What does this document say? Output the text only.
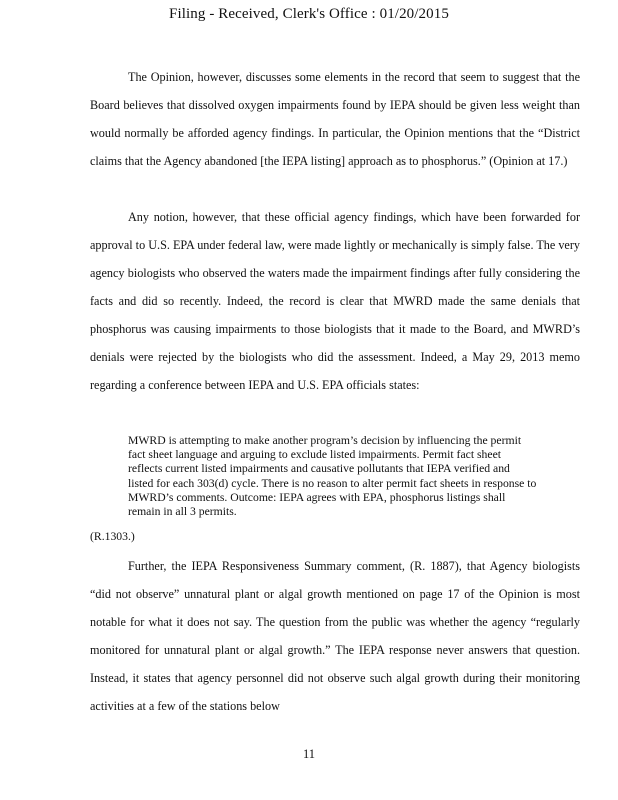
Filing - Received, Clerk's Office : 01/20/2015

The Opinion, however, discusses some elements in the record that seem to suggest that the Board believes that dissolved oxygen impairments found by IEPA should be given less weight than would normally be afforded agency findings. In particular, the Opinion mentions that the “District claims that the Agency abandoned [the IEPA listing] approach as to phosphorus.” (Opinion at 17.)

Any notion, however, that these official agency findings, which have been forwarded for approval to U.S. EPA under federal law, were made lightly or mechanically is simply false. The very agency biologists who observed the waters made the impairment findings after fully considering the facts and did so recently. Indeed, the record is clear that MWRD made the same denials that phosphorus was causing impairments to those biologists that it made to the Board, and MWRD’s denials were rejected by the biologists who did the assessment. Indeed, a May 29, 2013 memo regarding a conference between IEPA and U.S. EPA officials states:

MWRD is attempting to make another program’s decision by influencing the permit fact sheet language and arguing to exclude listed impairments. Permit fact sheet reflects current listed impairments and causative pollutants that IEPA verified and listed for each 303(d) cycle. There is no reason to alter permit fact sheets in response to MWRD’s comments. Outcome: IEPA agrees with EPA, phosphorus listings shall remain in all 3 permits.

(R.1303.)

Further, the IEPA Responsiveness Summary comment, (R. 1887), that Agency biologists “did not observe” unnatural plant or algal growth mentioned on page 17 of the Opinion is most notable for what it does not say. The question from the public was whether the agency “regularly monitored for unnatural plant or algal growth.” The IEPA response never answers that question. Instead, it states that agency personnel did not observe such algal growth during their monitoring activities at a few of the stations below

11
